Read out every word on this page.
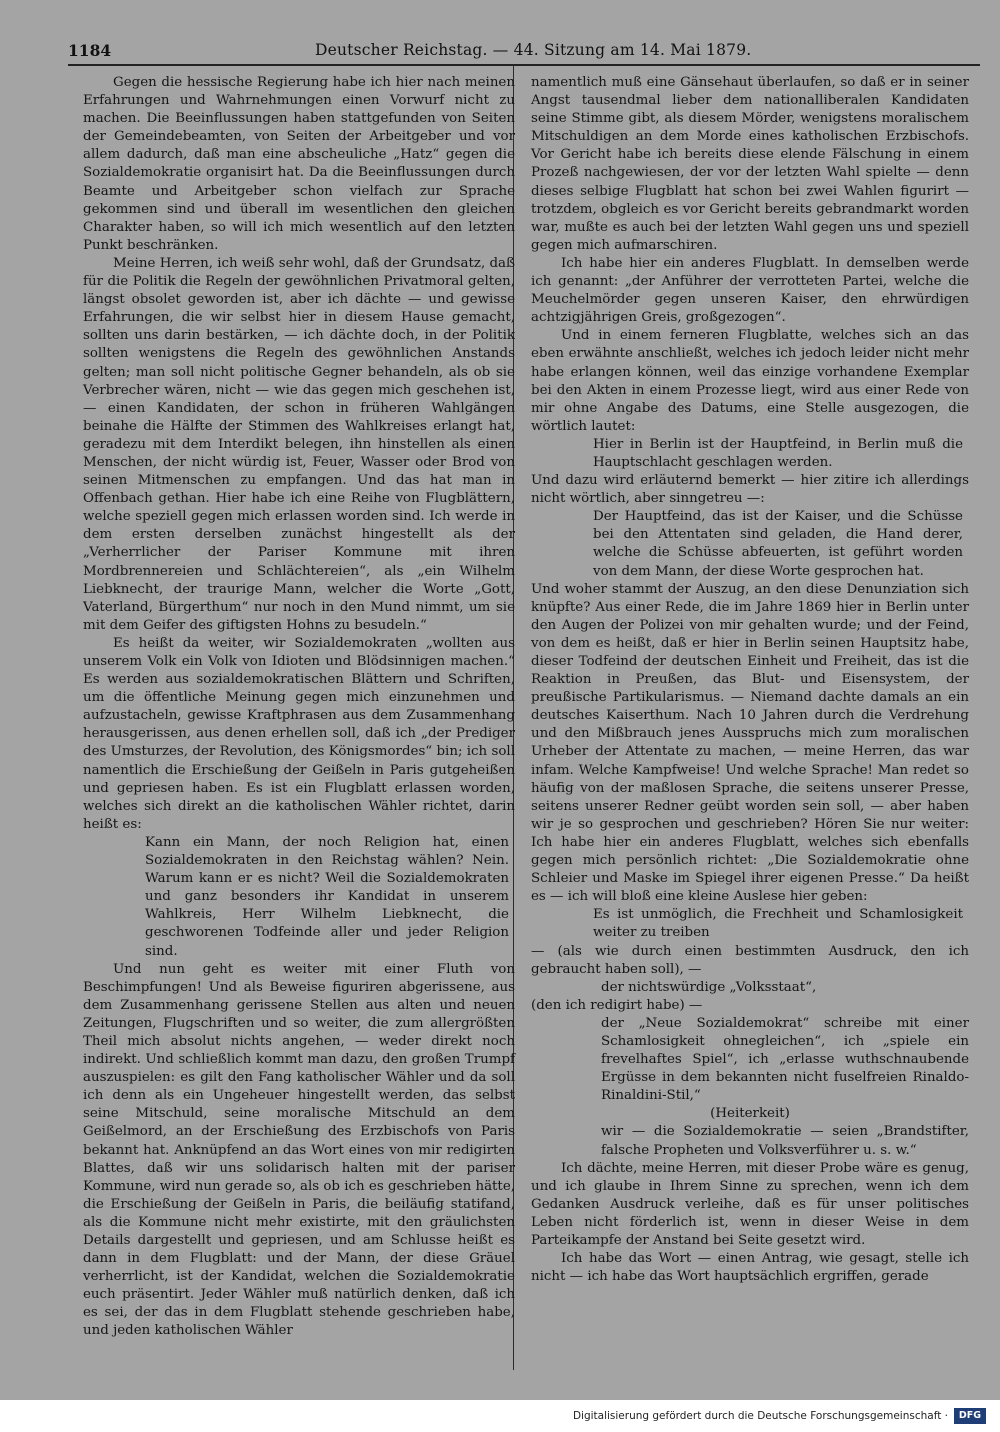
1184	Deutscher Reichstag. — 44. Sitzung am 14. Mai 1879.

Gegen die hessische Regierung habe ich hier nach meinen Erfahrungen und Wahrnehmungen einen Vorwurf nicht zu machen. Die Beeinflussungen haben stattgefunden von Seiten der Gemeindebeamten, von Seiten der Arbeitgeber und vor allem dadurch, daß man eine abscheuliche „Hatz“ gegen die Sozialdemokratie organisirt hat. Da die Beeinflussungen durch Beamte und Arbeitgeber schon vielfach zur Sprache gekommen sind und überall im wesentlichen den gleichen Charakter haben, so will ich mich wesentlich auf den letzten Punkt beschränken.

Meine Herren, ich weiß sehr wohl, daß der Grundsatz, daß für die Politik die Regeln der gewöhnlichen Privatmoral gelten, längst obsolet geworden ist, aber ich dächte — und gewisse Erfahrungen, die wir selbst hier in diesem Hause gemacht, sollten uns darin bestärken, — ich dächte doch, in der Politik sollten wenigstens die Regeln des gewöhnlichen Anstands gelten; man soll nicht politische Gegner behandeln, als ob sie Verbrecher wären, nicht — wie das gegen mich geschehen ist, — einen Kandidaten, der schon in früheren Wahlgängen beinahe die Hälfte der Stimmen des Wahlkreises erlangt hat, geradezu mit dem Interdikt belegen, ihn hinstellen als einen Menschen, der nicht würdig ist, Feuer, Wasser oder Brod von seinen Mitmenschen zu empfangen. Und das hat man in Offenbach gethan. Hier habe ich eine Reihe von Flugblättern, welche speziell gegen mich erlassen worden sind. Ich werde in dem ersten derselben zunächst hingestellt als der „Verherrlicher der Pariser Kommune mit ihren Mordbrennereien und Schlächtereien“, als „ein Wilhelm Liebknecht, der traurige Mann, welcher die Worte „Gott, Vaterland, Bürgerthum“ nur noch in den Mund nimmt, um sie mit dem Geifer des giftigsten Hohns zu besudeln.“

Es heißt da weiter, wir Sozialdemokraten „wollten aus unserem Volk ein Volk von Idioten und Blödsinnigen machen.“ Es werden aus sozialdemokratischen Blättern und Schriften, um die öffentliche Meinung gegen mich einzunehmen und aufzustacheln, gewisse Kraftphrasen aus dem Zusammenhang herausgerissen, aus denen erhellen soll, daß ich „der Prediger des Umsturzes, der Revolution, des Königsmordes“ bin; ich soll namentlich die Erschießung der Geißeln in Paris gutgeheißen und gepriesen haben. Es ist ein Flugblatt erlassen worden, welches sich direkt an die katholischen Wähler richtet, darin heißt es:

Kann ein Mann, der noch Religion hat, einen Sozialdemokraten in den Reichstag wählen? Nein. Warum kann er es nicht? Weil die Sozialdemokraten und ganz besonders ihr Kandidat in unserem Wahlkreis, Herr Wilhelm Liebknecht, die geschworenen Todfeinde aller und jeder Religion sind.

Und nun geht es weiter mit einer Fluth von Beschimpfungen! Und als Beweise figuriren abgerissene, aus dem Zusammenhang gerissene Stellen aus alten und neuen Zeitungen, Flugschriften und so weiter, die zum allergrößten Theil mich absolut nichts angehen, — weder direkt noch indirekt. Und schließlich kommt man dazu, den großen Trumpf auszuspielen: es gilt den Fang katholischer Wähler und da soll ich denn als ein Ungeheuer hingestellt werden, das selbst seine Mitschuld, seine moralische Mitschuld an dem Geißelmord, an der Erschießung des Erzbischofs von Paris bekannt hat. Anknüpfend an das Wort eines von mir redigirten Blattes, daß wir uns solidarisch halten mit der pariser Kommune, wird nun gerade so, als ob ich es geschrieben hätte, die Erschießung der Geißeln in Paris, die beiläufig statifand, als die Kommune nicht mehr existirte, mit den gräulichsten Details dargestellt und gepriesen, und am Schlusse heißt es dann in dem Flugblatt: und der Mann, der diese Gräuel verherrlicht, ist der Kandidat, welchen die Sozialdemokratie euch präsentirt. Jeder Wähler muß natürlich denken, daß ich es sei, der das in dem Flugblatt stehende geschrieben habe, und jeden katholischen Wähler

namentlich muß eine Gänsehaut überlaufen, so daß er in seiner Angst tausendmal lieber dem nationalliberalen Kandidaten seine Stimme gibt, als diesem Mörder, wenigstens moralischem Mitschuldigen an dem Morde eines katholischen Erzbischofs. Vor Gericht habe ich bereits diese elende Fälschung in einem Prozeß nachgewiesen, der vor der letzten Wahl spielte — denn dieses selbige Flugblatt hat schon bei zwei Wahlen figurirt — trotzdem, obgleich es vor Gericht bereits gebrandmarkt worden war, mußte es auch bei der letzten Wahl gegen uns und speziell gegen mich aufmarschiren.

Ich habe hier ein anderes Flugblatt. In demselben werde ich genannt: „der Anführer der verrotteten Partei, welche die Meuchelmörder gegen unseren Kaiser, den ehrwürdigen achtzigjährigen Greis, großgezogen“.

Und in einem ferneren Flugblatte, welches sich an das eben erwähnte anschließt, welches ich jedoch leider nicht mehr habe erlangen können, weil das einzige vorhandene Exemplar bei den Akten in einem Prozesse liegt, wird aus einer Rede von mir ohne Angabe des Datums, eine Stelle ausgezogen, die wörtlich lautet:

Hier in Berlin ist der Hauptfeind, in Berlin muß die Hauptschlacht geschlagen werden.

Und dazu wird erläuternd bemerkt — hier zitire ich allerdings nicht wörtlich, aber sinngetreu —:

Der Hauptfeind, das ist der Kaiser, und die Schüsse bei den Attentaten sind geladen, die Hand derer, welche die Schüsse abfeuerten, ist geführt worden von dem Mann, der diese Worte gesprochen hat.

Und woher stammt der Auszug, an den diese Denunziation sich knüpfte? Aus einer Rede, die im Jahre 1869 hier in Berlin unter den Augen der Polizei von mir gehalten wurde; und der Feind, von dem es heißt, daß er hier in Berlin seinen Hauptsitz habe, dieser Todfeind der deutschen Einheit und Freiheit, das ist die Reaktion in Preußen, das Blut- und Eisensystem, der preußische Partikularismus. — Niemand dachte damals an ein deutsches Kaiserthum. Nach 10 Jahren durch die Verdrehung und den Mißbrauch jenes Ausspruchs mich zum moralischen Urheber der Attentate zu machen, — meine Herren, das war infam. Welche Kampfweise! Und welche Sprache! Man redet so häufig von der maßlosen Sprache, die seitens unserer Presse, seitens unserer Redner geübt worden sein soll, — aber haben wir je so gesprochen und geschrieben? Hören Sie nur weiter: Ich habe hier ein anderes Flugblatt, welches sich ebenfalls gegen mich persönlich richtet: „Die Sozialdemokratie ohne Schleier und Maske im Spiegel ihrer eigenen Presse.“ Da heißt es — ich will bloß eine kleine Auslese hier geben:

Es ist unmöglich, die Frechheit und Schamlosigkeit weiter zu treiben

— (als wie durch einen bestimmten Ausdruck, den ich gebraucht haben soll), —

der nichtswürdige „Volksstaat“,

(den ich redigirt habe) —

der „Neue Sozialdemokrat“ schreibe mit einer Schamlosigkeit ohnegleichen“, ich „spiele ein frevelhaftes Spiel“, ich „erlasse wuthschnaubende Ergüsse in dem bekannten nicht fuselfreien Rinaldo-Rinaldini-Stil,“

(Heiterkeit)

wir — die Sozialdemokratie — seien „Brandstifter, falsche Propheten und Volksverführer u. s. w.“

Ich dächte, meine Herren, mit dieser Probe wäre es genug, und ich glaube in Ihrem Sinne zu sprechen, wenn ich dem Gedanken Ausdruck verleihe, daß es für unser politisches Leben nicht förderlich ist, wenn in dieser Weise in dem Parteikampfe der Anstand bei Seite gesetzt wird.

Ich habe das Wort — einen Antrag, wie gesagt, stelle ich nicht — ich habe das Wort hauptsächlich ergriffen, gerade

Digitalisierung gefördert durch die Deutsche Forschungsgemeinschaft ·	DFG
